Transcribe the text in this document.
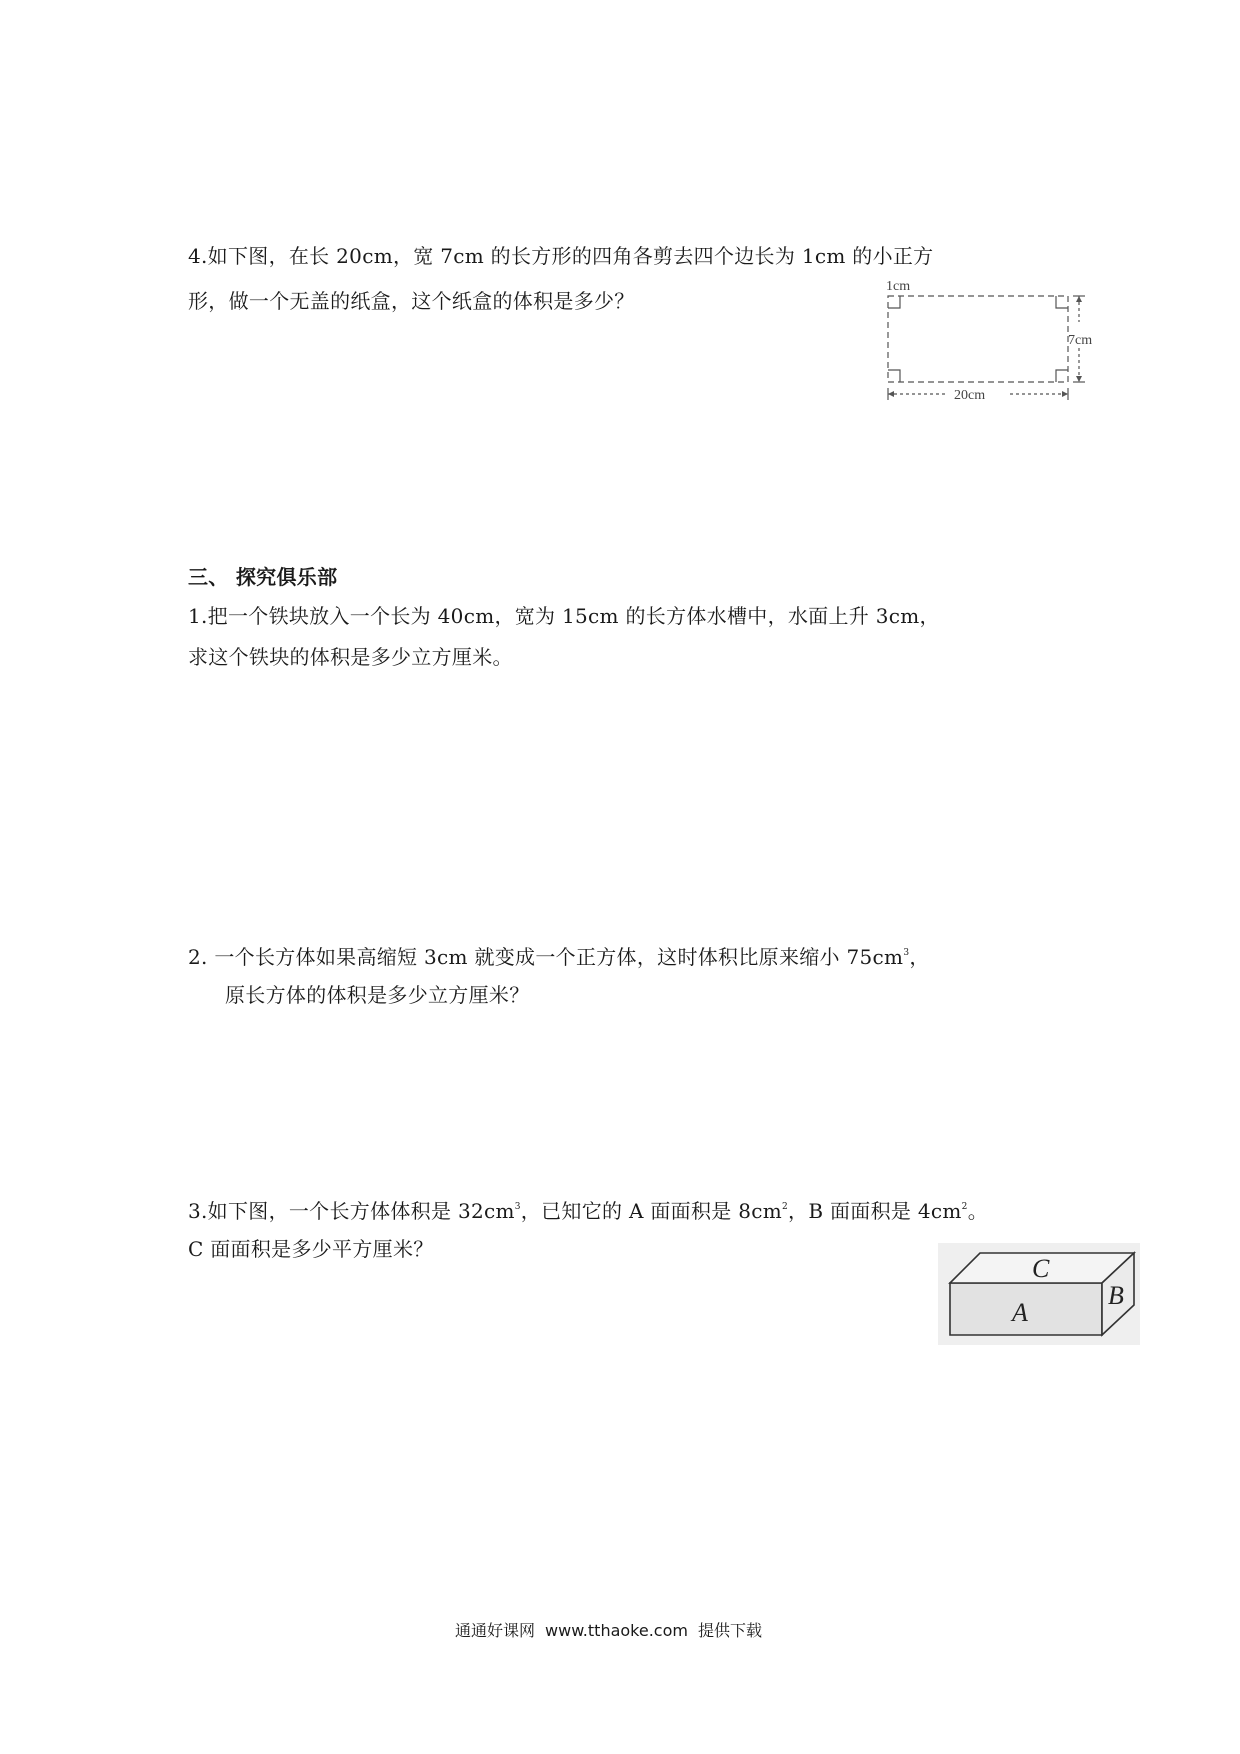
4.如下图，在长 20cm，宽 7cm 的长方形的四角各剪去四个边长为 1cm 的小正方
形，做一个无盖的纸盒，这个纸盒的体积是多少？
1cm
7cm
20cm
三、 探究俱乐部
1.把一个铁块放入一个长为 40cm，宽为 15cm 的长方体水槽中，水面上升 3cm，
求这个铁块的体积是多少立方厘米。
2. 一个长方体如果高缩短 3cm 就变成一个正方体，这时体积比原来缩小 $75cm^3$，
原长方体的体积是多少立方厘米？
3.如下图，一个长方体体积是 $32cm^3$，已知它的 A 面面积是 $8cm^2$，B 面面积是 $4cm^2$。
C 面面积是多少平方厘米？
C
A
B
通通好课网 www.tthaoke.com 提供下载
